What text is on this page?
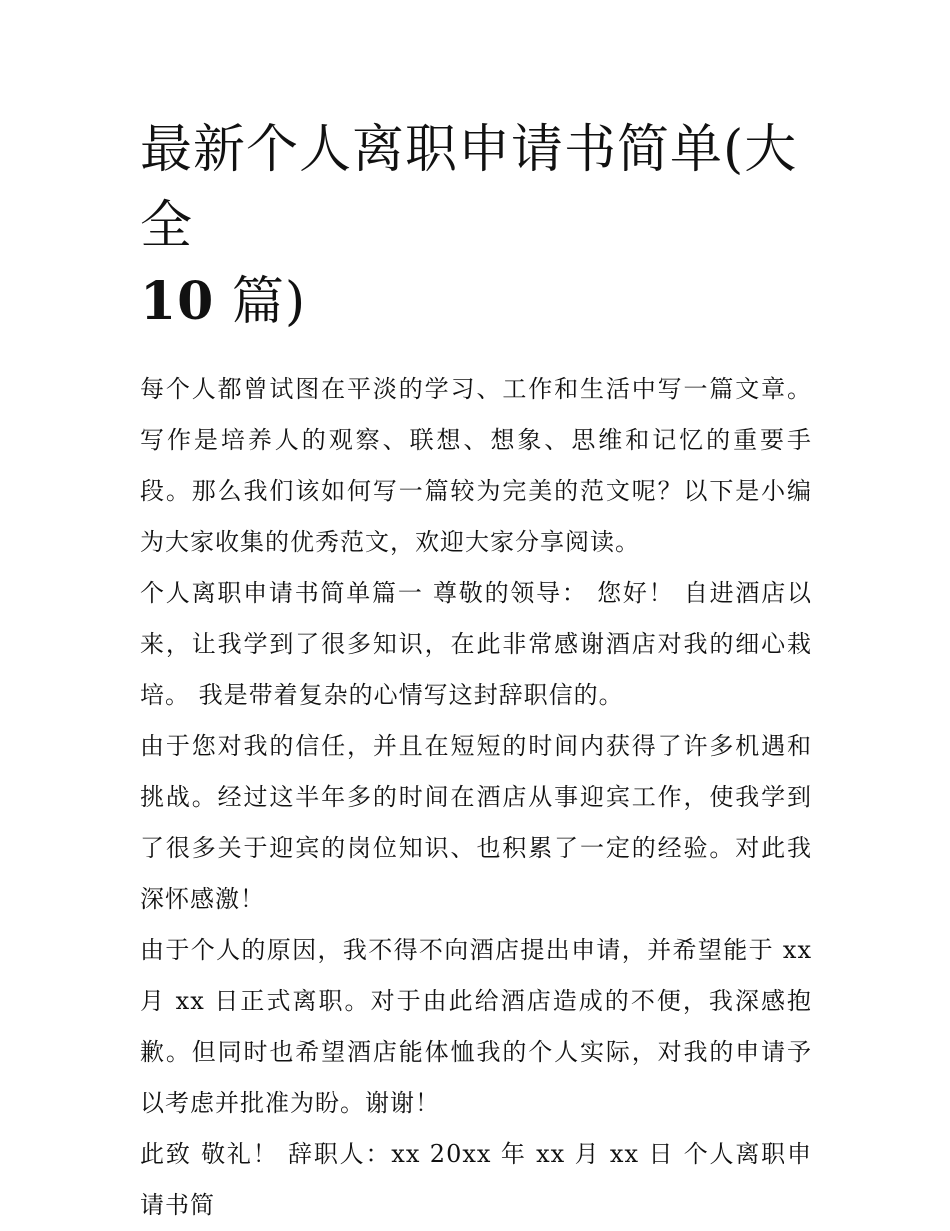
最新个人离职申请书简单(大全
10 篇)

每个人都曾试图在平淡的学习、工作和生活中写一篇文章。写作是培养人的观察、联想、想象、思维和记忆的重要手段。那么我们该如何写一篇较为完美的范文呢？以下是小编为大家收集的优秀范文，欢迎大家分享阅读。

个人离职申请书简单篇一 尊敬的领导： 您好！ 自进酒店以来，让我学到了很多知识，在此非常感谢酒店对我的细心栽培。 我是带着复杂的心情写这封辞职信的。

由于您对我的信任，并且在短短的时间内获得了许多机遇和挑战。经过这半年多的时间在酒店从事迎宾工作，使我学到了很多关于迎宾的岗位知识、也积累了一定的经验。对此我深怀感激！

由于个人的原因，我不得不向酒店提出申请，并希望能于 xx 月 xx 日正式离职。对于由此给酒店造成的不便，我深感抱歉。但同时也希望酒店能体恤我的个人实际，对我的申请予以考虑并批准为盼。谢谢！

此致 敬礼！ 辞职人：xx 20xx 年 xx 月 xx 日 个人离职申请书简
